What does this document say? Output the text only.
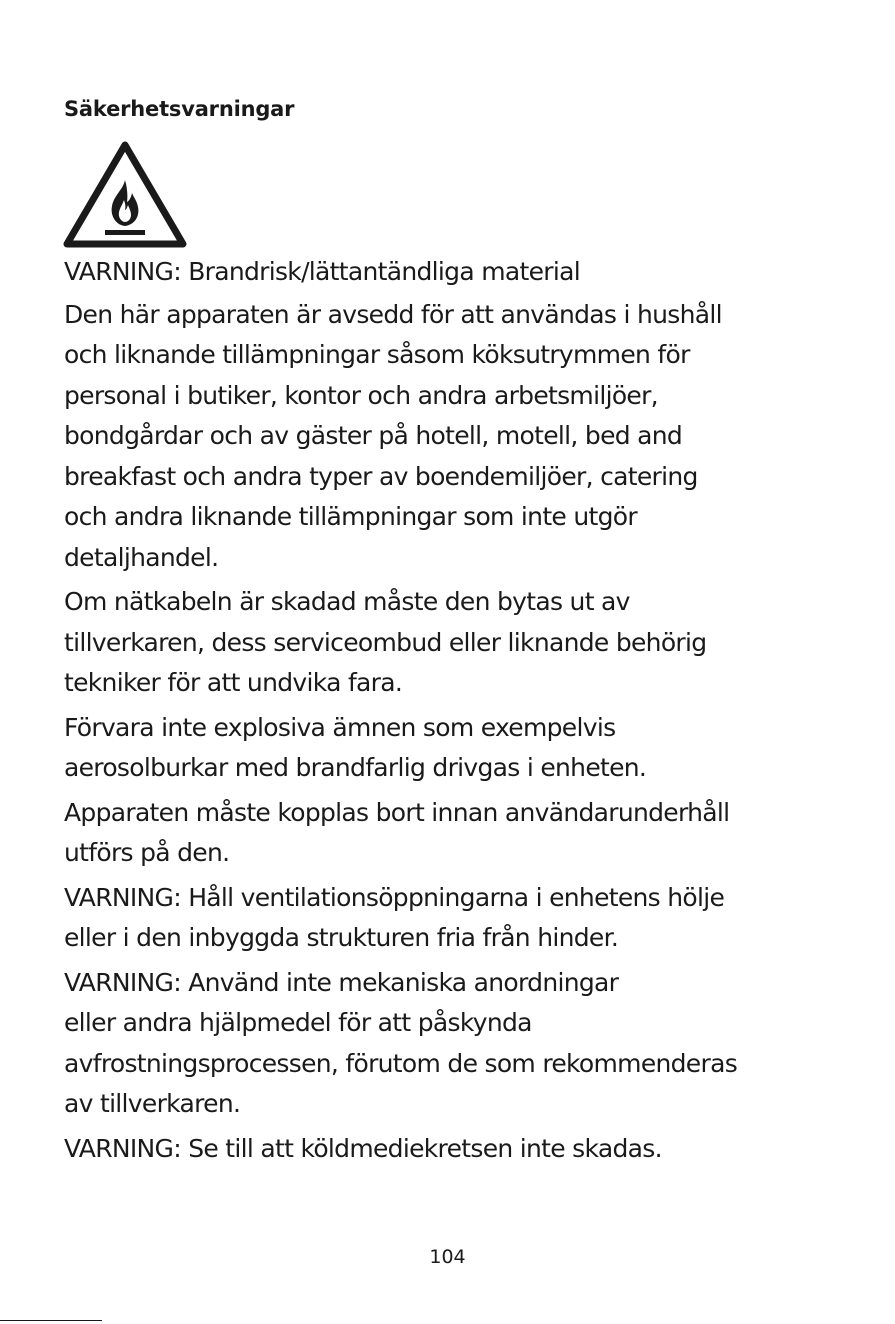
Säkerhetsvarningar

VARNING: Brandrisk/lättantändliga material

Den här apparaten är avsedd för att användas i hushåll
och liknande tillämpningar såsom köksutrymmen för
personal i butiker, kontor och andra arbetsmiljöer,
bondgårdar och av gäster på hotell, motell, bed and
breakfast och andra typer av boendemiljöer, catering
och andra liknande tillämpningar som inte utgör
detaljhandel.

Om nätkabeln är skadad måste den bytas ut av
tillverkaren, dess serviceombud eller liknande behörig
tekniker för att undvika fara.

Förvara inte explosiva ämnen som exempelvis
aerosolburkar med brandfarlig drivgas i enheten.

Apparaten måste kopplas bort innan användarunderhåll
utförs på den.

VARNING: Håll ventilationsöppningarna i enhetens hölje
eller i den inbyggda strukturen fria från hinder.

VARNING: Använd inte mekaniska anordningar
eller andra hjälpmedel för att påskynda
avfrostningsprocessen, förutom de som rekommenderas
av tillverkaren.

VARNING: Se till att köldmediekretsen inte skadas.

104
